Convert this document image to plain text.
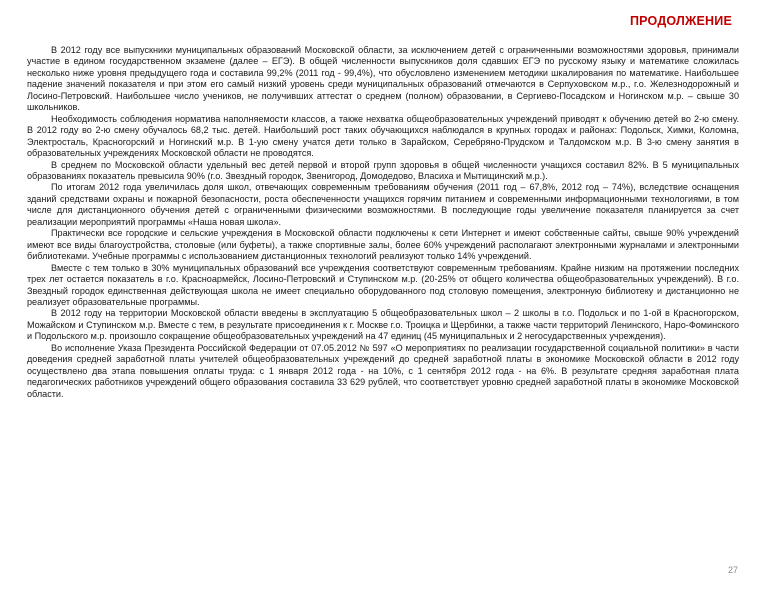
ПРОДОЛЖЕНИЕ

В 2012 году все выпускники муниципальных образований Московской области, за исключением детей с ограниченными возможностями здоровья, принимали участие в едином государственном экзамене (далее – ЕГЭ). В общей численности выпускников доля сдавших ЕГЭ по русскому языку и математике сложилась несколько ниже уровня предыдущего года и составила 99,2% (2011 год - 99,4%), что обусловлено изменением методики шкалирования по математике. Наибольшее падение значений показателя и при этом его самый низкий уровень среди муниципальных образований отмечаются в Серпуховском м.р., г.о. Железнодорожный и Лосино-Петровский. Наибольшее число учеников, не получивших аттестат о среднем (полном) образовании, в Сергиево-Посадском и Ногинском м.р. – свыше 30 школьников.

Необходимость соблюдения норматива наполняемости классов, а также нехватка общеобразовательных учреждений приводят к обучению детей во 2-ю смену. В 2012 году во 2-ю смену обучалось 68,2 тыс. детей. Наибольший рост таких обучающихся наблюдался в крупных городах и районах: Подольск, Химки, Коломна, Электросталь, Красногорский и Ногинский м.р. В 1-ую смену учатся дети только в Зарайском, Серебряно-Прудском и Талдомском м.р. В 3-ю смену занятия в образовательных учреждениях Московской области не проводятся.

В среднем по Московской области удельный вес детей первой и второй групп здоровья в общей численности учащихся составил 82%. В 5 муниципальных образованиях показатель превысила 90% (г.о. Звездный городок, Звенигород, Домодедово, Власиха и Мытищинский м.р.).

По итогам 2012 года увеличилась доля школ, отвечающих современным требованиям обучения (2011 год – 67,8%, 2012 год – 74%), вследствие оснащения зданий средствами охраны и пожарной безопасности, роста обеспеченности учащихся горячим питанием и современными информационными технологиями, в том числе для дистанционного обучения детей с ограниченными физическими возможностями. В последующие годы увеличение показателя планируется за счет реализации мероприятий программы «Наша новая школа».

Практически все городские и сельские учреждения в Московской области подключены к сети Интернет и имеют собственные сайты, свыше 90% учреждений имеют все виды благоустройства, столовые (или буфеты), а также спортивные залы, более 60% учреждений располагают электронными журналами и электронными библиотеками. Учебные программы с использованием дистанционных технологий реализуют только 14% учреждений.

Вместе с тем только в 30% муниципальных образований все учреждения соответствуют современным требованиям. Крайне низким на протяжении последних трех лет остается показатель в г.о. Красноармейск, Лосино-Петровский и Ступинском м.р. (20-25% от общего количества общеобразовательных учреждений). В г.о. Звездный городок единственная действующая школа не имеет специально оборудованного под столовую помещения, электронную библиотеку и дистанционно не реализует образовательные программы.

В 2012 году на территории Московской области введены в эксплуатацию 5 общеобразовательных школ – 2 школы в г.о. Подольск и по 1-ой в Красногорском, Можайском и Ступинском м.р. Вместе с тем, в результате присоединения к г. Москве г.о. Троицка и Щербинки, а также части территорий Ленинского, Наро-Фоминского и Подольского м.р. произошло сокращение общеобразовательных учреждений на 47 единиц (45 муниципальных и 2 негосударственных учреждения).

Во исполнение Указа Президента Российской Федерации от 07.05.2012 № 597 «О мероприятиях по реализации государственной социальной политики» в части доведения средней заработной платы учителей общеобразовательных учреждений до средней заработной платы в экономике Московской области в 2012 году осуществлено два этапа повышения оплаты труда: с 1 января 2012 года - на 10%, с 1 сентября 2012 года - на 6%. В результате средняя заработная плата педагогических работников учреждений общего образования составила 33 629 рублей, что соответствует уровню средней заработной платы в экономике Московской области.

27
